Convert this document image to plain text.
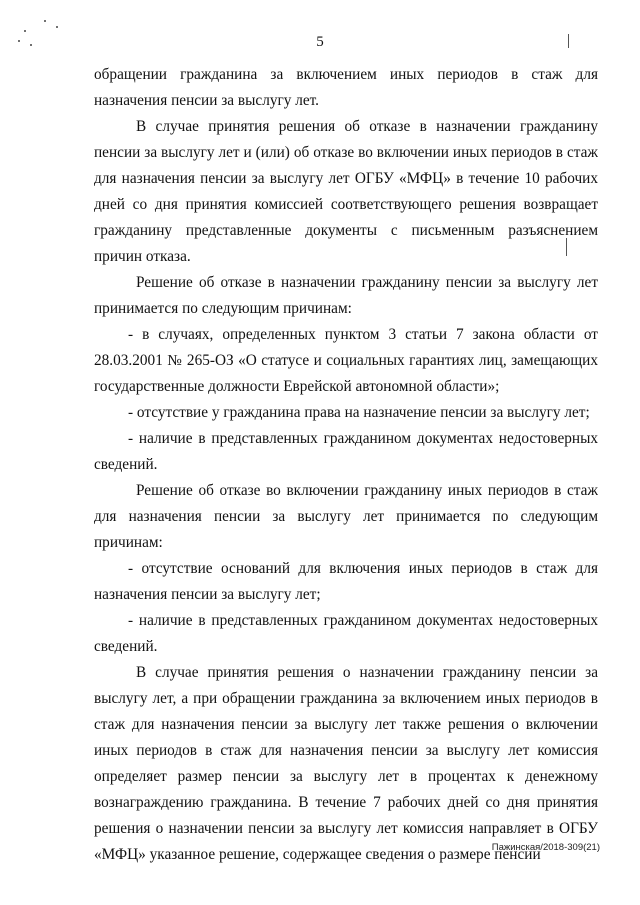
5

обращении гражданина за включением иных периодов в стаж для назначения пенсии за выслугу лет.

В случае принятия решения об отказе в назначении гражданину пенсии за выслугу лет и (или) об отказе во включении иных периодов в стаж для назначения пенсии за выслугу лет ОГБУ «МФЦ» в течение 10 рабочих дней со дня принятия комиссией соответствующего решения возвращает гражданину представленные документы с письменным разъяснением причин отказа.

Решение об отказе в назначении гражданину пенсии за выслугу лет принимается по следующим причинам:

- в случаях, определенных пунктом 3 статьи 7 закона области от 28.03.2001 № 265-ОЗ «О статусе и социальных гарантиях лиц, замещающих государственные должности Еврейской автономной области»;

- отсутствие у гражданина права на назначение пенсии за выслугу лет;

- наличие в представленных гражданином документах недостоверных сведений.

Решение об отказе во включении гражданину иных периодов в стаж для назначения пенсии за выслугу лет принимается по следующим причинам:

- отсутствие оснований для включения иных периодов в стаж для назначения пенсии за выслугу лет;

- наличие в представленных гражданином документах недостоверных сведений.

В случае принятия решения о назначении гражданину пенсии за выслугу лет, а при обращении гражданина за включением иных периодов в стаж для назначения пенсии за выслугу лет также решения о включении иных периодов в стаж для назначения пенсии за выслугу лет комиссия определяет размер пенсии за выслугу лет в процентах к денежному вознаграждению гражданина. В течение 7 рабочих дней со дня принятия решения о назначении пенсии за выслугу лет комиссия направляет в ОГБУ «МФЦ» указанное решение, содержащее сведения о размере пенсии

Пажинская/2018-309(21)
